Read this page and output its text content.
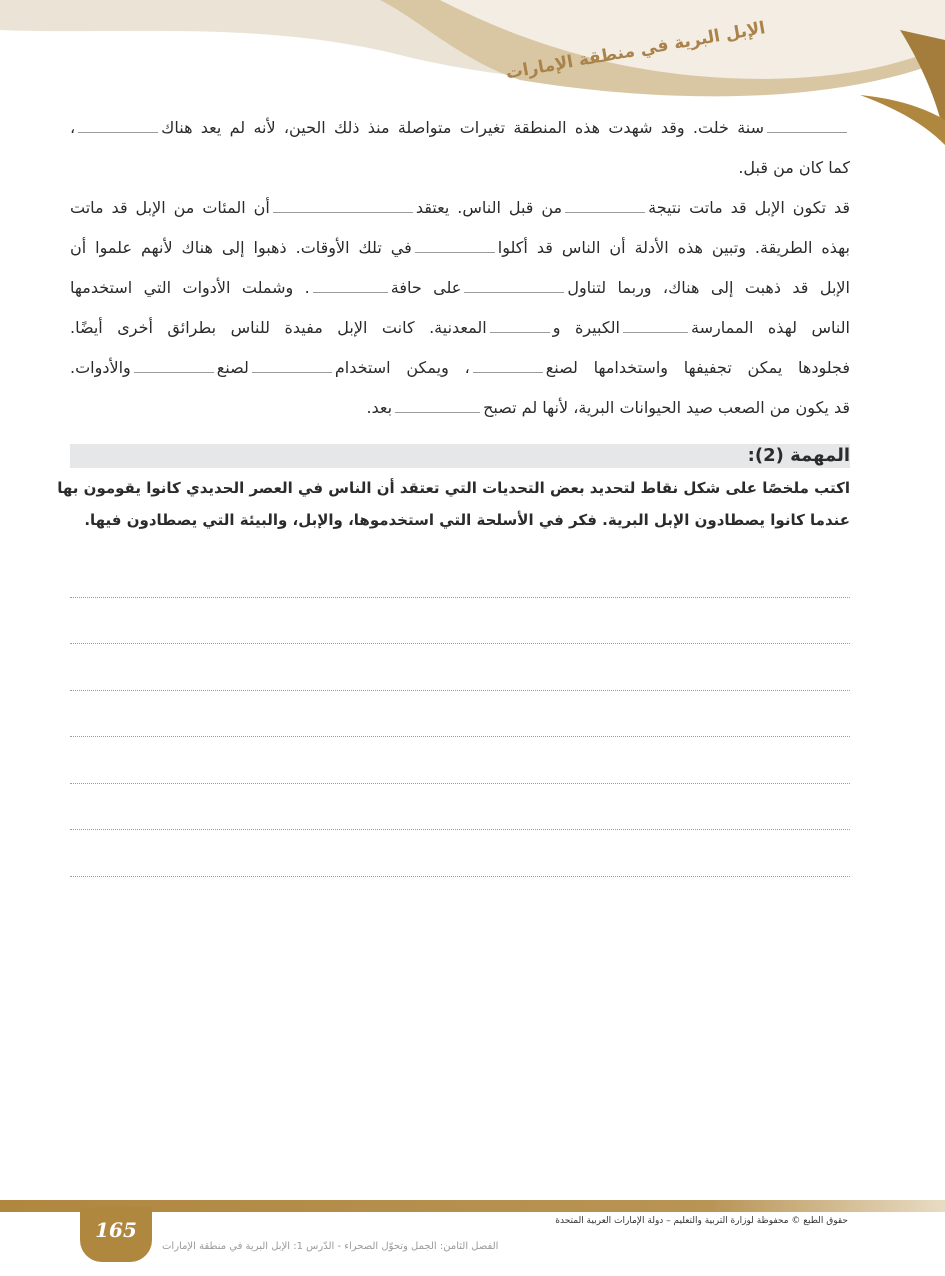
الإبل البرية في منطقة الإمارات
سنة خلت. وقد شهدت هذه المنطقة تغيرات متواصلة منذ ذلك الحين، لأنه لم يعد هناك،
كما كان من قبل.
قد تكون الإبل قد ماتت نتيجةمن قبل الناس. يعتقدأن المئات من الإبل قد ماتت
بهذه الطريقة. وتبين هذه الأدلة أن الناس قد أكلوافي تلك الأوقات. ذهبوا إلى هناك لأنهم علموا أن
الإبل قد ذهبت إلى هناك، وربما لتناولعلى حافة. وشملت الأدوات التي استخدمها
الناس لهذه الممارسةالكبيرة والمعدنية. كانت الإبل مفيدة للناس بطرائق أخرى أيضًا.
فجلودها يمكن تجفيفها واستخدامها لصنع، ويمكن استخداملصنعوالأدوات.
قد يكون من الصعب صيد الحيوانات البرية، لأنها لم تصبحبعد.
المهمة (2):
اكتب ملخصًا على شكل نقاط لتحديد بعض التحديات التي تعتقد أن الناس في العصر الحديدي كانوا يقومون بها
عندما كانوا يصطادون الإبل البرية. فكر في الأسلحة التي استخدموها، والإبل، والبيئة التي يصطادون فيها.
165	حقوق الطبع © محفوظة لوزارة التربية والتعليم – دولة الإمارات العربية المتحدة
الفصل الثامن: الجمل وتحوّل الصحراء - الدّرس 1: الإبل البرية في منطقة الإمارات
